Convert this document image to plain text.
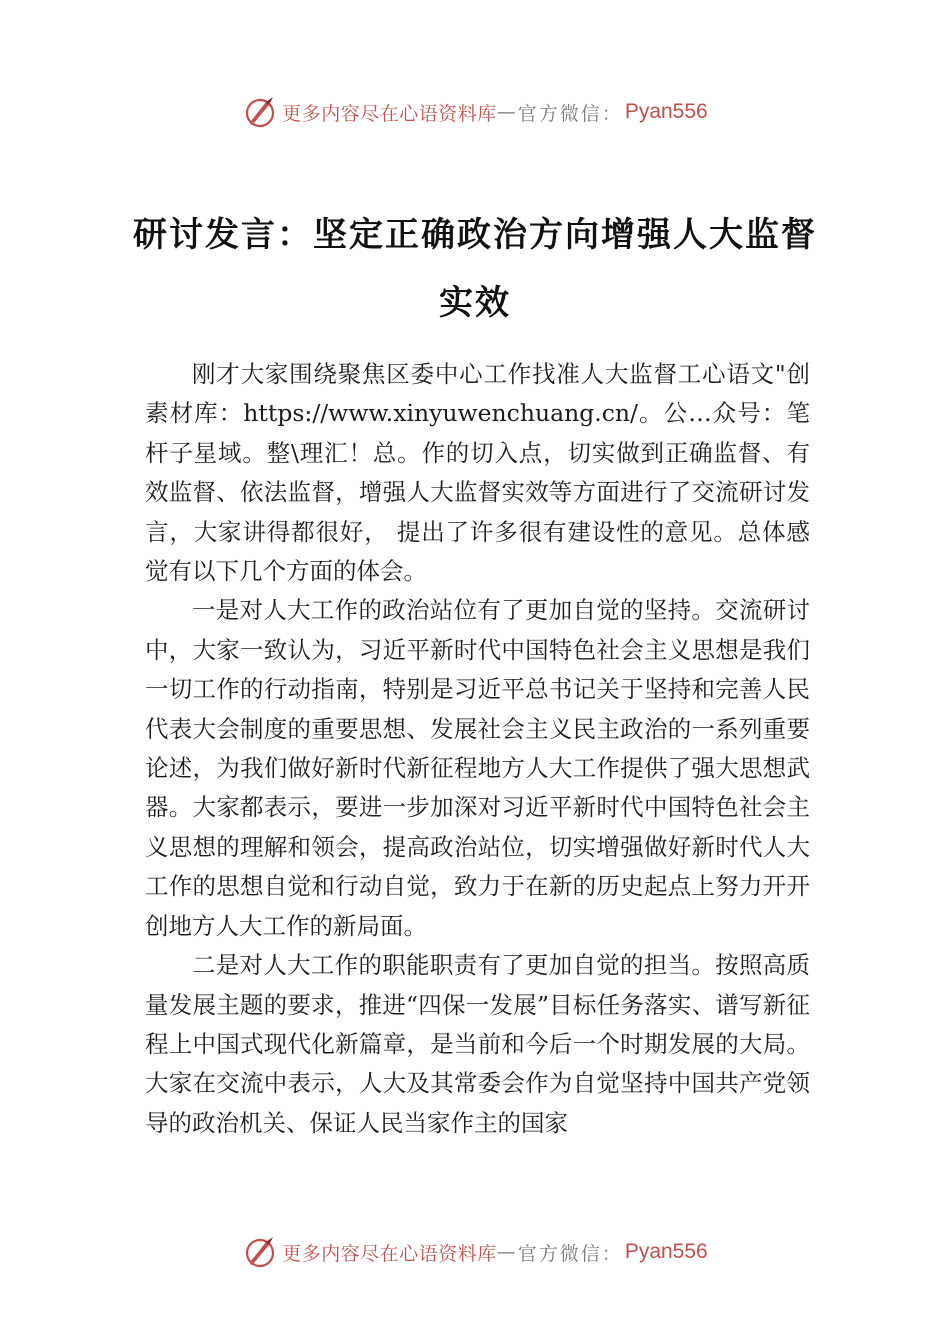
更多内容尽在心语资料库 — 官方微信： Pyan556
研讨发言：坚定正确政治方向增强人大监督实效

刚才大家围绕聚焦区委中心工作找准人大监督工心语文"创素材库：https://www.xinyuwenchuang.cn/。公…众号：笔杆子星域。整\理汇！总。作的切入点，切实做到正确监督、有效监督、依法监督，增强人大监督实效等方面进行了交流研讨发言，大家讲得都很好， 提出了许多很有建设性的意见。总体感觉有以下几个方面的体会。

一是对人大工作的政治站位有了更加自觉的坚持。交流研讨中，大家一致认为，习近平新时代中国特色社会主义思想是我们一切工作的行动指南，特别是习近平总书记关于坚持和完善人民代表大会制度的重要思想、发展社会主义民主政治的一系列重要论述，为我们做好新时代新征程地方人大工作提供了强大思想武器。大家都表示，要进一步加深对习近平新时代中国特色社会主义思想的理解和领会，提高政治站位，切实增强做好新时代人大工作的思想自觉和行动自觉，致力于在新的历史起点上努力开开创地方人大工作的新局面。

二是对人大工作的职能职责有了更加自觉的担当。按照高质量发展主题的要求，推进“四保一发展”目标任务落实、谱写新征程上中国式现代化新篇章，是当前和今后一个时期发展的大局。大家在交流中表示，人大及其常委会作为自觉坚持中国共产党领导的政治机关、保证人民当家作主的国家

更多内容尽在心语资料库 — 官方微信： Pyan556
